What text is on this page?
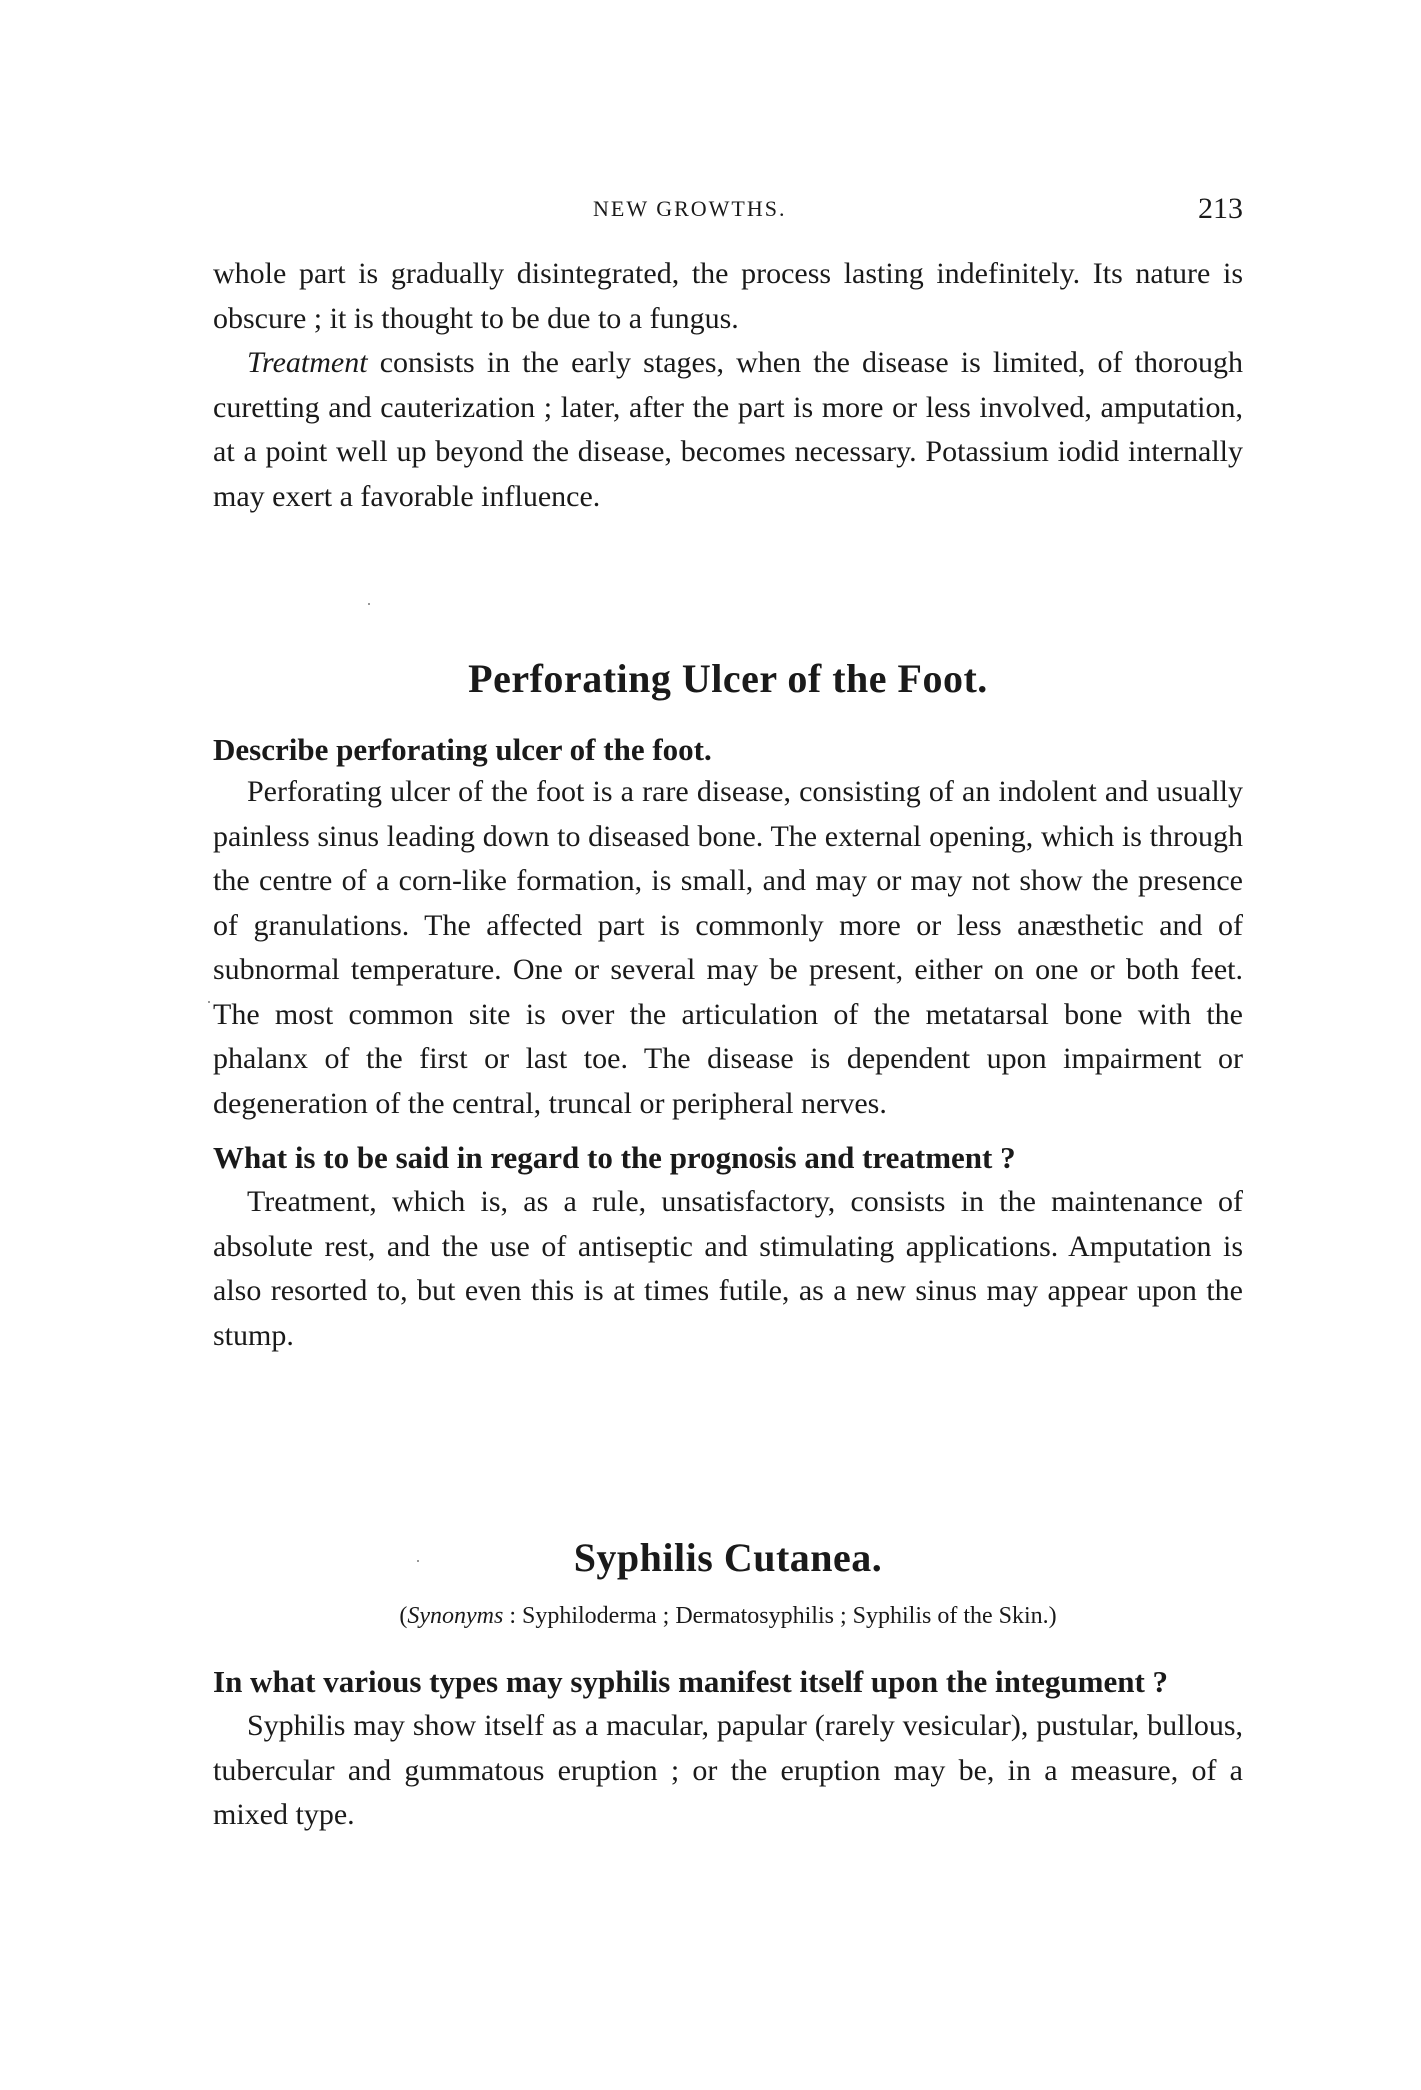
NEW GROWTHS.	213

whole part is gradually disintegrated, the process lasting indefinitely. Its nature is obscure ; it is thought to be due to a fungus.

Treatment consists in the early stages, when the disease is limited, of thorough curetting and cauterization ; later, after the part is more or less involved, amputation, at a point well up beyond the disease, becomes necessary. Potassium iodid internally may exert a favorable influence.

Perforating Ulcer of the Foot.

Describe perforating ulcer of the foot.

Perforating ulcer of the foot is a rare disease, consisting of an indolent and usually painless sinus leading down to diseased bone. The external opening, which is through the centre of a corn-like formation, is small, and may or may not show the presence of granulations. The affected part is commonly more or less anæsthetic and of subnormal temperature. One or several may be present, either on one or both feet. The most common site is over the articulation of the metatarsal bone with the phalanx of the first or last toe. The disease is dependent upon impairment or degeneration of the central, truncal or peripheral nerves.

What is to be said in regard to the prognosis and treatment ?

Treatment, which is, as a rule, unsatisfactory, consists in the maintenance of absolute rest, and the use of antiseptic and stimulating applications. Amputation is also resorted to, but even this is at times futile, as a new sinus may appear upon the stump.

Syphilis Cutanea.

(Synonyms : Syphiloderma ; Dermatosyphilis ; Syphilis of the Skin.)

In what various types may syphilis manifest itself upon the integument ?

Syphilis may show itself as a macular, papular (rarely vesicular), pustular, bullous, tubercular and gummatous eruption ; or the eruption may be, in a measure, of a mixed type.
